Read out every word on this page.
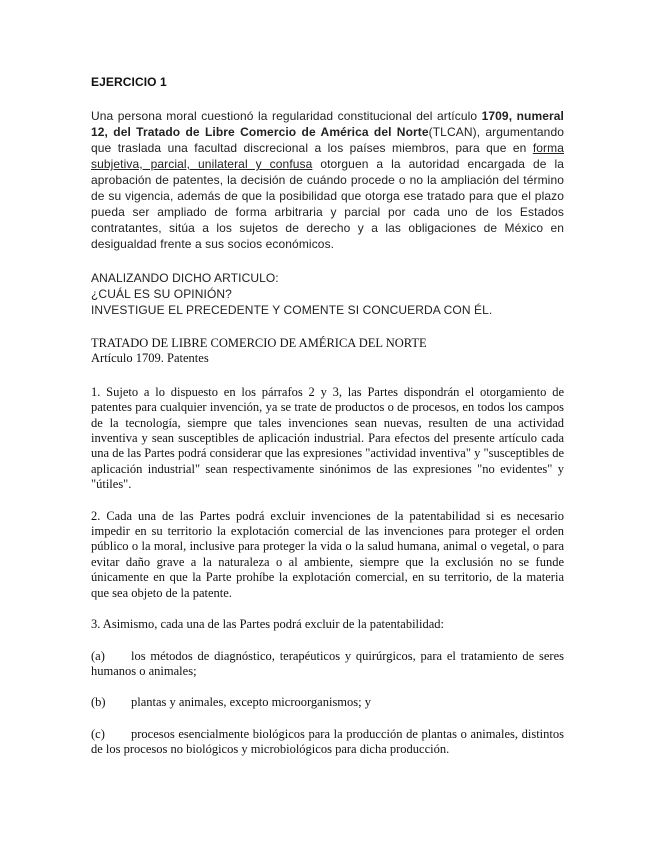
EJERCICIO 1

Una persona moral cuestionó la regularidad constitucional del artículo 1709, numeral 12, del Tratado de Libre Comercio de América del Norte(TLCAN), argumentando que traslada una facultad discrecional a los países miembros, para que en forma subjetiva, parcial, unilateral y confusa otorguen a la autoridad encargada de la aprobación de patentes, la decisión de cuándo procede o no la ampliación del término de su vigencia, además de que la posibilidad que otorga ese tratado para que el plazo pueda ser ampliado de forma arbitraria y parcial por cada uno de los Estados contratantes, sitúa a los sujetos de derecho y a las obligaciones de México en desigualdad frente a sus socios económicos.

ANALIZANDO DICHO ARTICULO:

¿CUÁL ES SU OPINIÓN?

INVESTIGUE EL PRECEDENTE Y COMENTE SI CONCUERDA CON ÉL.

TRATADO DE LIBRE COMERCIO DE AMÉRICA DEL NORTE

Artículo 1709. Patentes

1. Sujeto a lo dispuesto en los párrafos 2 y 3, las Partes dispondrán el otorgamiento de patentes para cualquier invención, ya se trate de productos o de procesos, en todos los campos de la tecnología, siempre que tales invenciones sean nuevas, resulten de una actividad inventiva y sean susceptibles de aplicación industrial. Para efectos del presente artículo cada una de las Partes podrá considerar que las expresiones "actividad inventiva" y "susceptibles de aplicación industrial" sean respectivamente sinónimos de las expresiones "no evidentes" y "útiles".

2. Cada una de las Partes podrá excluir invenciones de la patentabilidad si es necesario impedir en su territorio la explotación comercial de las invenciones para proteger el orden público o la moral, inclusive para proteger la vida o la salud humana, animal o vegetal, o para evitar daño grave a la naturaleza o al ambiente, siempre que la exclusión no se funde únicamente en que la Parte prohíbe la explotación comercial, en su territorio, de la materia que sea objeto de la patente.

3. Asimismo, cada una de las Partes podrá excluir de la patentabilidad:

(a) los métodos de diagnóstico, terapéuticos y quirúrgicos, para el tratamiento de seres humanos o animales;

(b) plantas y animales, excepto microorganismos; y

(c) procesos esencialmente biológicos para la producción de plantas o animales, distintos de los procesos no biológicos y microbiológicos para dicha producción.
